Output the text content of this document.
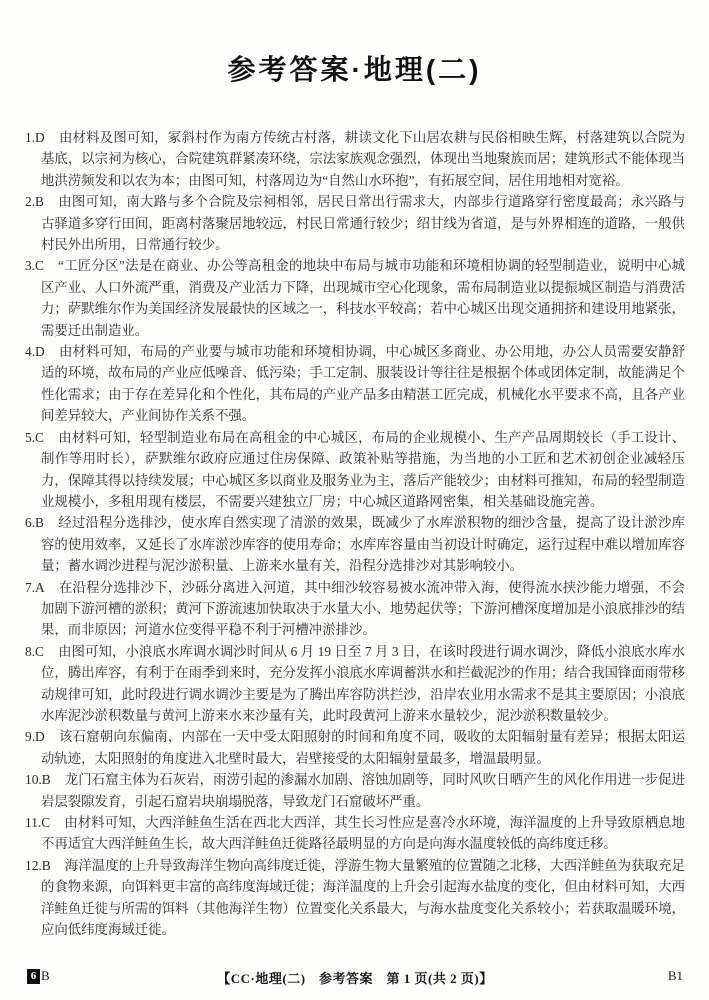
参考答案·地理(二)

1.D 由材料及图可知，冢斜村作为南方传统古村落，耕读文化下山居农耕与民俗相映生辉，村落建筑以合院为基底，以宗祠为核心，合院建筑群紧凑环绕，宗法家族观念强烈，体现出当地聚族而居；建筑形式不能体现当地洪涝频发和以农为本；由图可知，村落周边为“自然山水环抱”，有拓展空间，居住用地相对宽裕。

2.B 由图可知，南大路与多个合院及宗祠相邻，居民日常出行需求大，内部步行道路穿行密度最高；永兴路与古驿道多穿行田间，距离村落聚居地较远，村民日常通行较少；绍甘线为省道，是与外界相连的道路，一般供村民外出所用，日常通行较少。

3.C “工匠分区”法是在商业、办公等高租金的地块中布局与城市功能和环境相协调的轻型制造业，说明中心城区产业、人口外流严重，消费及产业活力下降，出现城市空心化现象，需布局制造业以提振城区制造与消费活力；萨默维尔作为美国经济发展最快的区域之一，科技水平较高；若中心城区出现交通拥挤和建设用地紧张，需要迁出制造业。

4.D 由材料可知，布局的产业要与城市功能和环境相协调，中心城区多商业、办公用地，办公人员需要安静舒适的环境，故布局的产业应低噪音、低污染；手工定制、服装设计等往往是根据个体或团体定制，故能满足个性化需求；由于存在差异化和个性化，其布局的产业产品多由精湛工匠完成，机械化水平要求不高，且各产业间差异较大，产业间协作关系不强。

5.C 由材料可知，轻型制造业布局在高租金的中心城区，布局的企业规模小、生产产品周期较长（手工设计、制作等用时长），萨默维尔政府应通过住房保障、政策补贴等措施，为当地的小工匠和艺术初创企业减轻压力，保障其得以持续发展；中心城区多以商业及服务业为主，落后产能较少；由材料可推知，布局的轻型制造业规模小，多租用现有楼层，不需要兴建独立厂房；中心城区道路网密集，相关基础设施完善。

6.B 经过沿程分选排沙，使水库自然实现了清淤的效果，既减少了水库淤积物的细沙含量，提高了设计淤沙库容的使用效率，又延长了水库淤沙库容的使用寿命；水库库容量由当初设计时确定，运行过程中难以增加库容量；蓄水调沙进程与泥沙淤积量、上游来水量有关，沿程分选排沙对其影响较小。

7.A 在沿程分选排沙下，沙砾分离进入河道，其中细沙较容易被水流冲带入海，使得流水挟沙能力增强，不会加剧下游河槽的淤积；黄河下游流速加快取决于水量大小、地势起伏等；下游河槽深度增加是小浪底排沙的结果，而非原因；河道水位变得平稳不利于河槽冲淤排沙。

8.C 由图可知，小浪底水库调水调沙时间从 6 月 19 日至 7 月 3 日，在该时段进行调水调沙，降低小浪底水库水位，腾出库容，有利于在雨季到来时，充分发挥小浪底水库调蓄洪水和拦截泥沙的作用；结合我国锋面雨带移动规律可知，此时段进行调水调沙主要是为了腾出库容防洪拦沙，沿岸农业用水需求不是其主要原因；小浪底水库泥沙淤积数量与黄河上游来水来沙量有关，此时段黄河上游来水量较少，泥沙淤积数量较少。

9.D 该石窟朝向东偏南，内部在一天中受太阳照射的时间和角度不同，吸收的太阳辐射量有差异；根据太阳运动轨迹，太阳照射的角度进入北壁时最大，岩壁接受的太阳辐射量最多，增温最明显。

10.B 龙门石窟主体为石灰岩，雨涝引起的渗漏水加剧、溶蚀加剧等，同时风吹日晒产生的风化作用进一步促进岩层裂隙发育，引起石窟岩块崩塌脱落，导致龙门石窟破坏严重。

11.C 由材料可知，大西洋鲑鱼生活在西北大西洋，其生长习性应是喜冷水环境，海洋温度的上升导致原栖息地不再适宜大西洋鲑鱼生长，故大西洋鲑鱼迁徙路径最明显的方向是向海水温度较低的高纬度迁移。

12.B 海洋温度的上升导致海洋生物向高纬度迁徙，浮游生物大量繁殖的位置随之北移，大西洋鲑鱼为获取充足的食物来源，向饵料更丰富的高纬度海域迁徙；海洋温度的上升会引起海水盐度的变化，但由材料可知，大西洋鲑鱼迁徙与所需的饵料（其他海洋生物）位置变化关系最大，与海水盐度变化关系较小；若获取温暖环境，应向低纬度海域迁徙。

6 B	【CC·地理(二)　参考答案　第 1 页(共 2 页)】	B1
